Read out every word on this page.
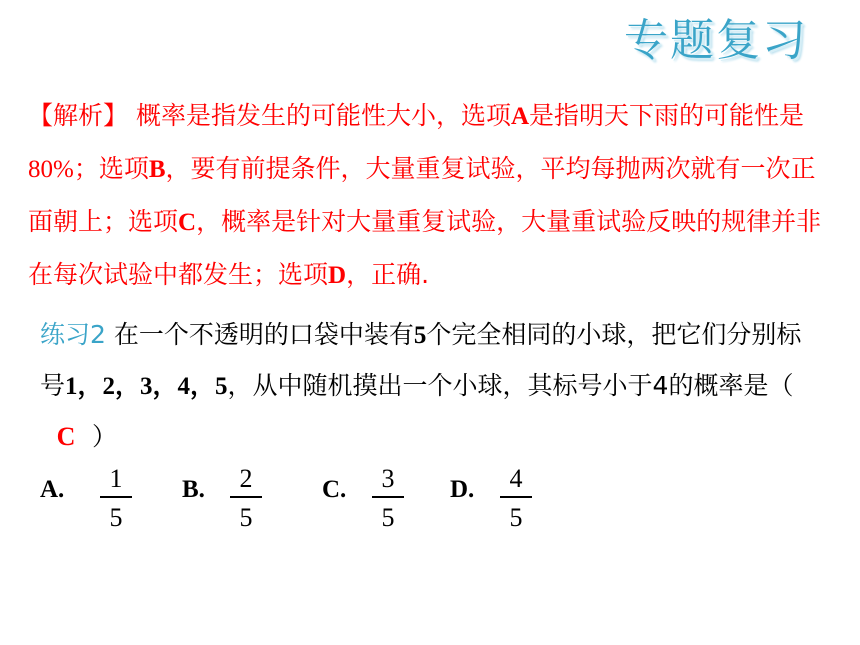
专题复习
【解析】 概率是指发生的可能性大小，选项A是指明天下雨的可能性是80%；选项B，要有前提条件，大量重复试验，平均每抛两次就有一次正面朝上；选项C，概率是针对大量重复试验，大量重试验反映的规律并非在每次试验中都发生；选项D，正确.
练习2 在一个不透明的口袋中装有5个完全相同的小球，把它们分别标号1，2，3，4，5，从中随机摸出一个小球，其标号小于4的概率是（C ）
A.	1
5
B.	2
5
C.	3
5
D.	4
5
